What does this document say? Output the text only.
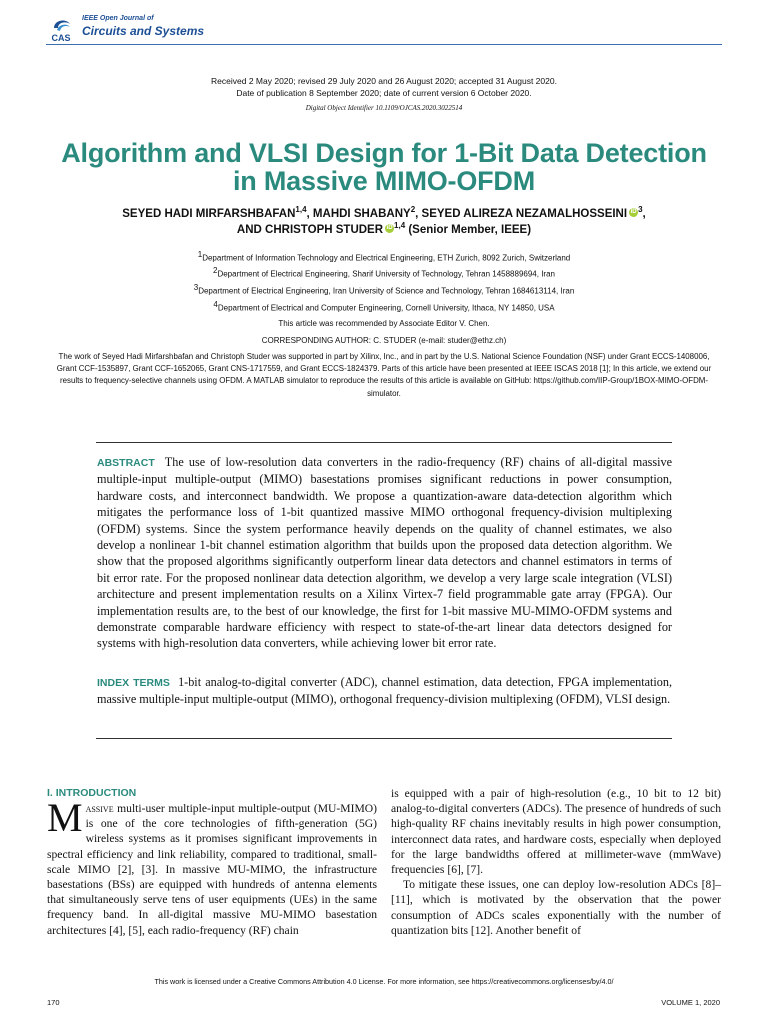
CAS
IEEE Open Journal of
Circuits and Systems
Received 2 May 2020; revised 29 July 2020 and 26 August 2020; accepted 31 August 2020.
Date of publication 8 September 2020; date of current version 6 October 2020.
Digital Object Identifier 10.1109/OJCAS.2020.3022514
Algorithm and VLSI Design for 1-Bit Data Detection
in Massive MIMO-OFDM
SEYED HADI MIRFARSHBAFAN$^{1,4}$, MAHDI SHABANY$^2$, SEYED ALIREZA NEZAMALHOSSEINI iD $^3$,
AND CHRISTOPH STUDER iD $^{1,4}$ (Senior Member, IEEE)
$^1$Department of Information Technology and Electrical Engineering, ETH Zurich, 8092 Zurich, Switzerland
$^2$Department of Electrical Engineering, Sharif University of Technology, Tehran 1458889694, Iran
$^3$Department of Electrical Engineering, Iran University of Science and Technology, Tehran 1684613114, Iran
$^4$Department of Electrical and Computer Engineering, Cornell University, Ithaca, NY 14850, USA
This article was recommended by Associate Editor V. Chen.
CORRESPONDING AUTHOR: C. STUDER (e-mail: studer@ethz.ch)
The work of Seyed Hadi Mirfarshbafan and Christoph Studer was supported in part by Xilinx, Inc., and in part by the U.S. National Science Foundation (NSF) under Grant ECCS-1408006, Grant CCF-1535897, Grant CCF-1652065, Grant CNS-1717559, and Grant ECCS-1824379. Parts of this article have been presented at IEEE ISCAS 2018 [1]; In this article, we extend our results to frequency-selective channels using OFDM. A MATLAB simulator to reproduce the results of this article is available on GitHub: https://github.com/IIP-Group/1BOX-MIMO-OFDM-simulator.
ABSTRACT The use of low-resolution data converters in the radio-frequency (RF) chains of all-digital massive multiple-input multiple-output (MIMO) basestations promises significant reductions in power consumption, hardware costs, and interconnect bandwidth. We propose a quantization-aware data-detection algorithm which mitigates the performance loss of 1-bit quantized massive MIMO orthogonal frequency-division multiplexing (OFDM) systems. Since the system performance heavily depends on the quality of channel estimates, we also develop a nonlinear 1-bit channel estimation algorithm that builds upon the proposed data detection algorithm. We show that the proposed algorithms significantly outperform linear data detectors and channel estimators in terms of bit error rate. For the proposed nonlinear data detection algorithm, we develop a very large scale integration (VLSI) architecture and present implementation results on a Xilinx Virtex-7 field programmable gate array (FPGA). Our implementation results are, to the best of our knowledge, the first for 1-bit massive MU-MIMO-OFDM systems and demonstrate comparable hardware efficiency with respect to state-of-the-art linear data detectors designed for systems with high-resolution data converters, while achieving lower bit error rate.
INDEX TERMS 1-bit analog-to-digital converter (ADC), channel estimation, data detection, FPGA implementation, massive multiple-input multiple-output (MIMO), orthogonal frequency-division multiplexing (OFDM), VLSI design.
I. INTRODUCTION

Massive multi-user multiple-input multiple-output (MU-MIMO) is one of the core technologies of fifth-generation (5G) wireless systems as it promises significant improvements in spectral efficiency and link reliability, compared to traditional, small-scale MIMO [2], [3]. In massive MU-MIMO, the infrastructure basestations (BSs) are equipped with hundreds of antenna elements that simultaneously serve tens of user equipments (UEs) in the same frequency band. In all-digital massive MU-MIMO basestation architectures [4], [5], each radio-frequency (RF) chain

is equipped with a pair of high-resolution (e.g., 10 bit to 12 bit) analog-to-digital converters (ADCs). The presence of hundreds of such high-quality RF chains inevitably results in high power consumption, interconnect data rates, and hardware costs, especially when deployed for the large bandwidths offered at millimeter-wave (mmWave) frequencies [6], [7].

To mitigate these issues, one can deploy low-resolution ADCs [8]–[11], which is motivated by the observation that the power consumption of ADCs scales exponentially with the number of quantization bits [12]. Another benefit of

This work is licensed under a Creative Commons Attribution 4.0 License. For more information, see https://creativecommons.org/licenses/by/4.0/
170	VOLUME 1, 2020
